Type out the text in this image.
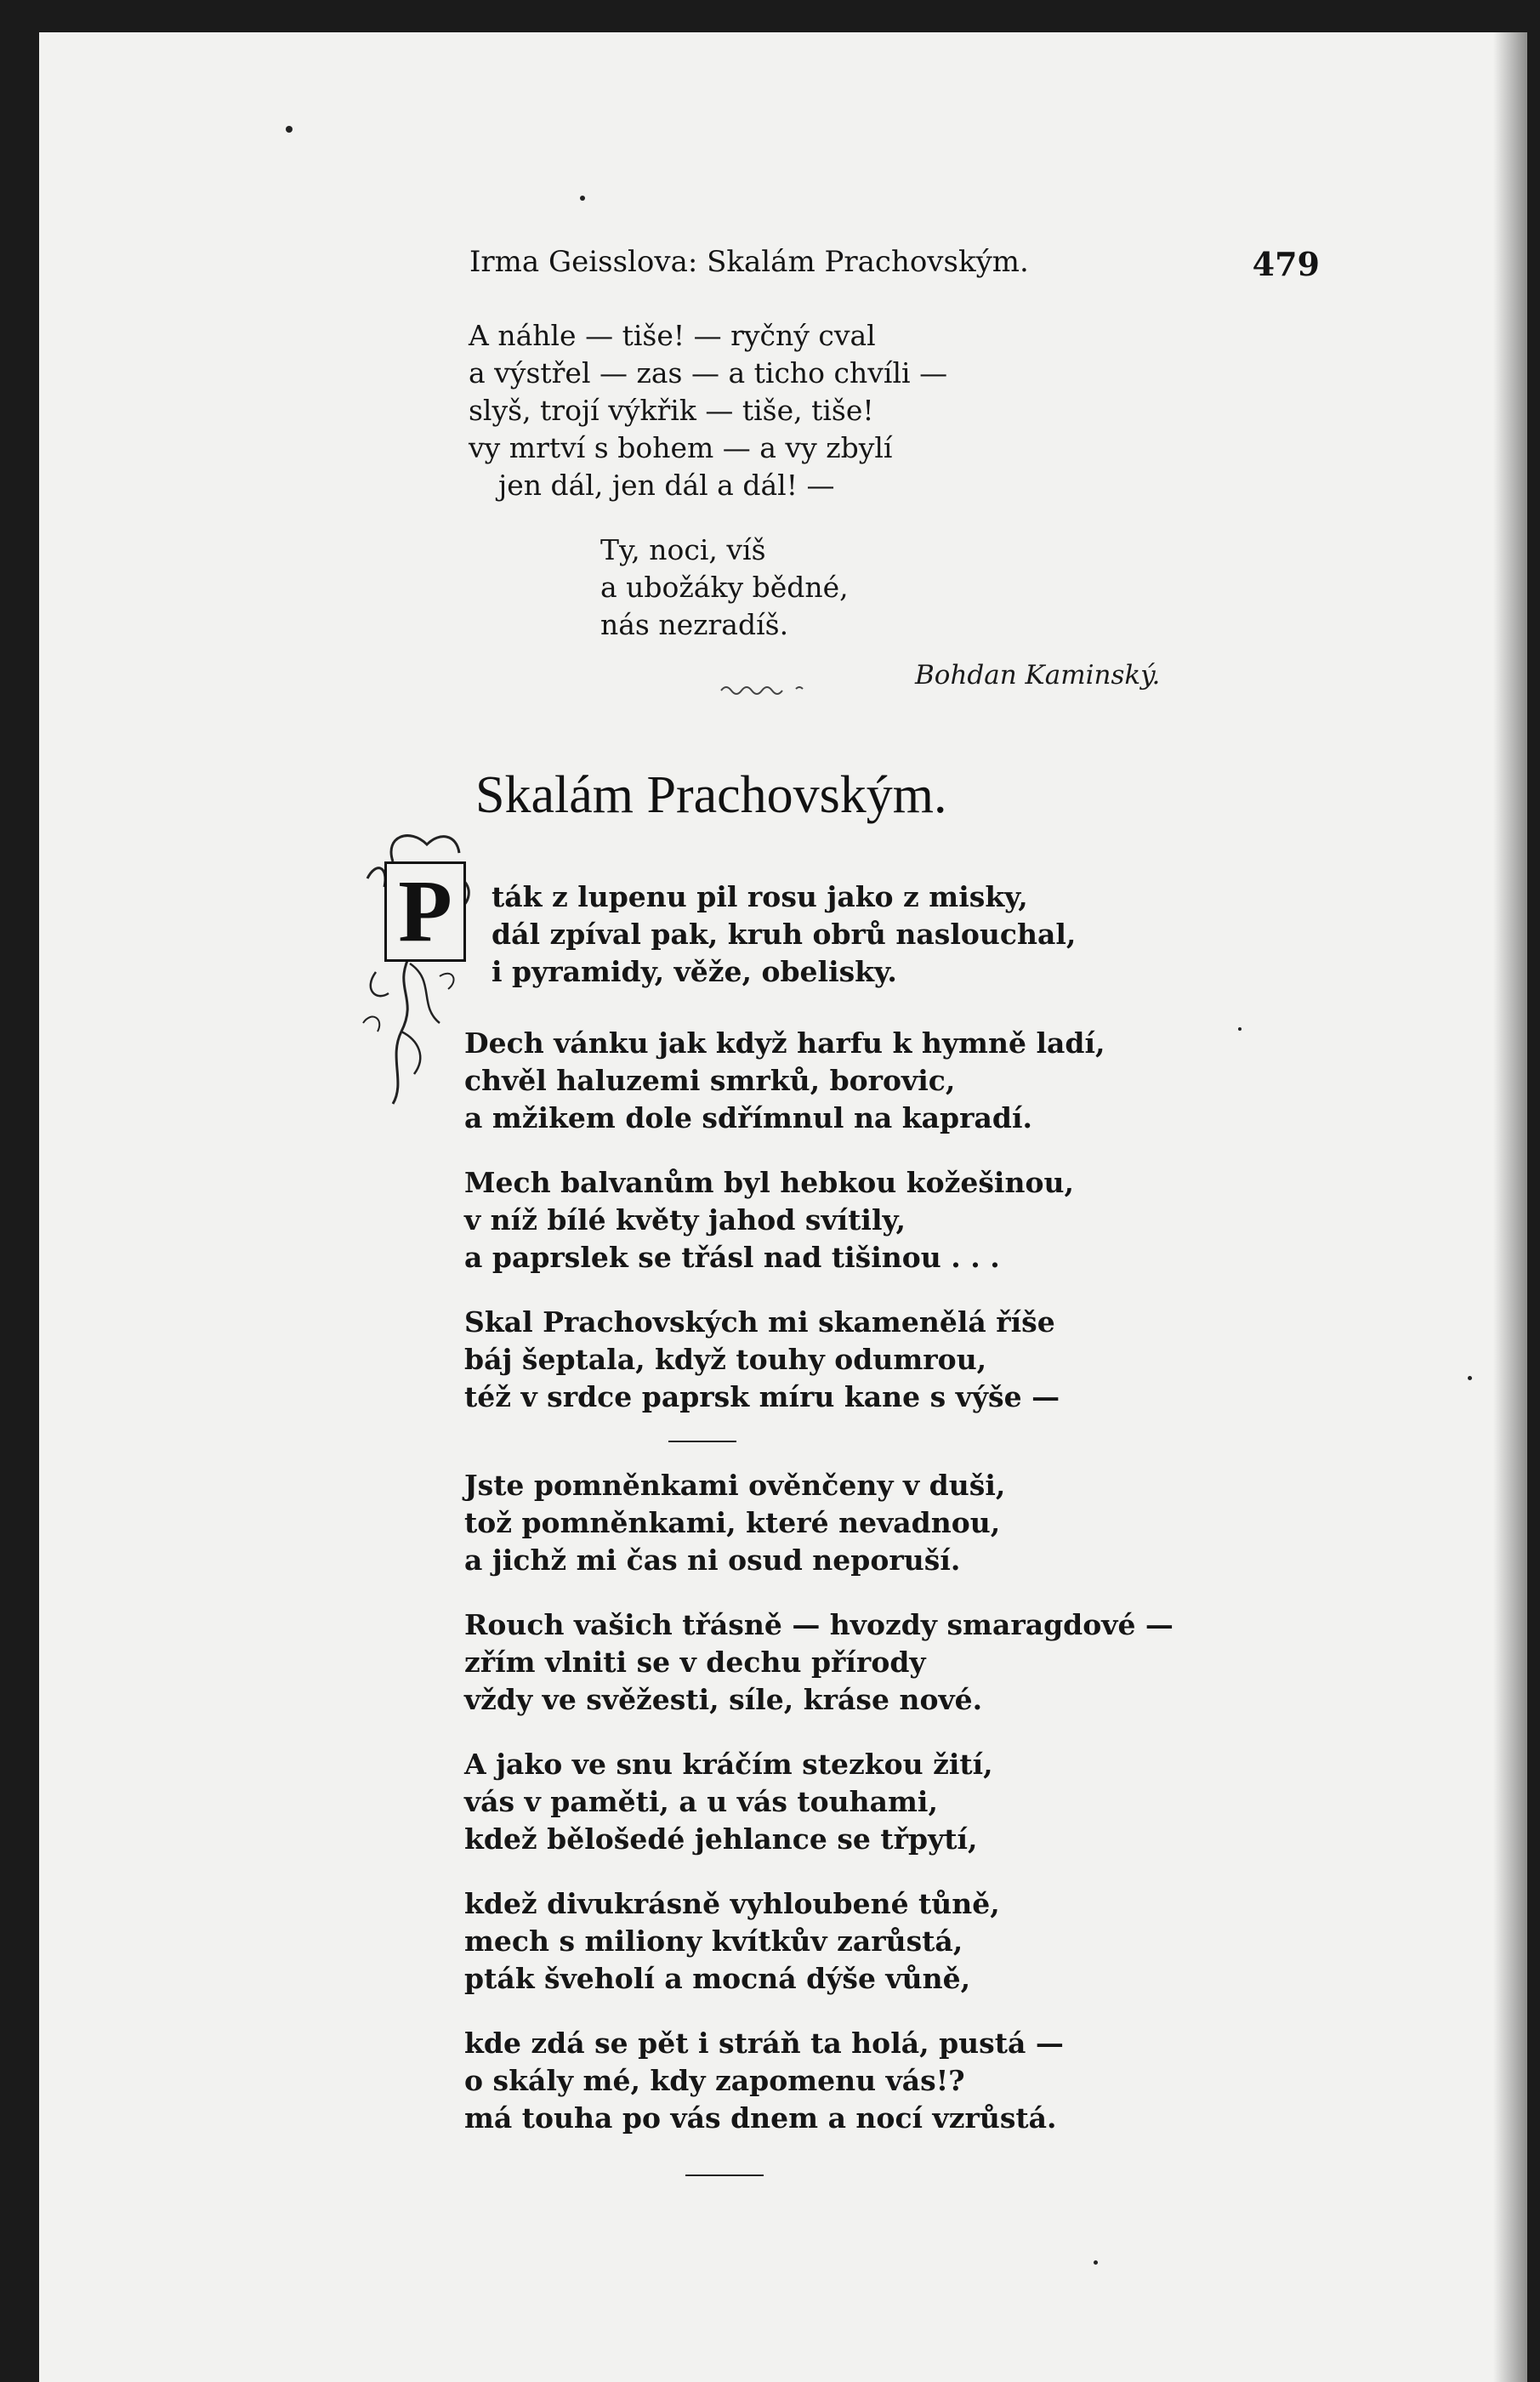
Irma Geisslova: Skalám Prachovským.	479
A náhle — tiše! — ryčný cval
a výstřel — zas — a ticho chvíli —
slyš, trojí výkřik — tiše, tiše!
vy mrtví s bohem — a vy zbylí
jen dál, jen dál a dál! —
Ty, noci, víš
a ubožáky bědné,
nás nezradíš.
Bohdan Kaminský.
Skalám Prachovským.
P	ták z lupenu pil rosu jako z misky,
dál zpíval pak, kruh obrů naslouchal,
i pyramidy, věže, obelisky.
Dech vánku jak když harfu k hymně ladí,
chvěl haluzemi smrků, borovic,
a mžikem dole sdřímnul na kapradí.
Mech balvanům byl hebkou kožešinou,
v níž bílé květy jahod svítily,
a paprslek se třásl nad tišinou . . .
Skal Prachovských mi skamenělá říše
báj šeptala, když touhy odumrou,
též v srdce paprsk míru kane s výše —
Jste pomněnkami ověnčeny v duši,
tož pomněnkami, které nevadnou,
a jichž mi čas ni osud neporuší.
Rouch vašich třásně — hvozdy smaragdové —
zřím vlniti se v dechu přírody
vždy ve svěžesti, síle, kráse nové.
A jako ve snu kráčím stezkou žití,
vás v paměti, a u vás touhami,
kdež bělošedé jehlance se třpytí,
kdež divukrásně vyhloubené tůně,
mech s miliony kvítkův zarůstá,
pták šveholí a mocná dýše vůně,
kde zdá se pět i stráň ta holá, pustá —
o skály mé, kdy zapomenu vás!?
má touha po vás dnem a nocí vzrůstá.
